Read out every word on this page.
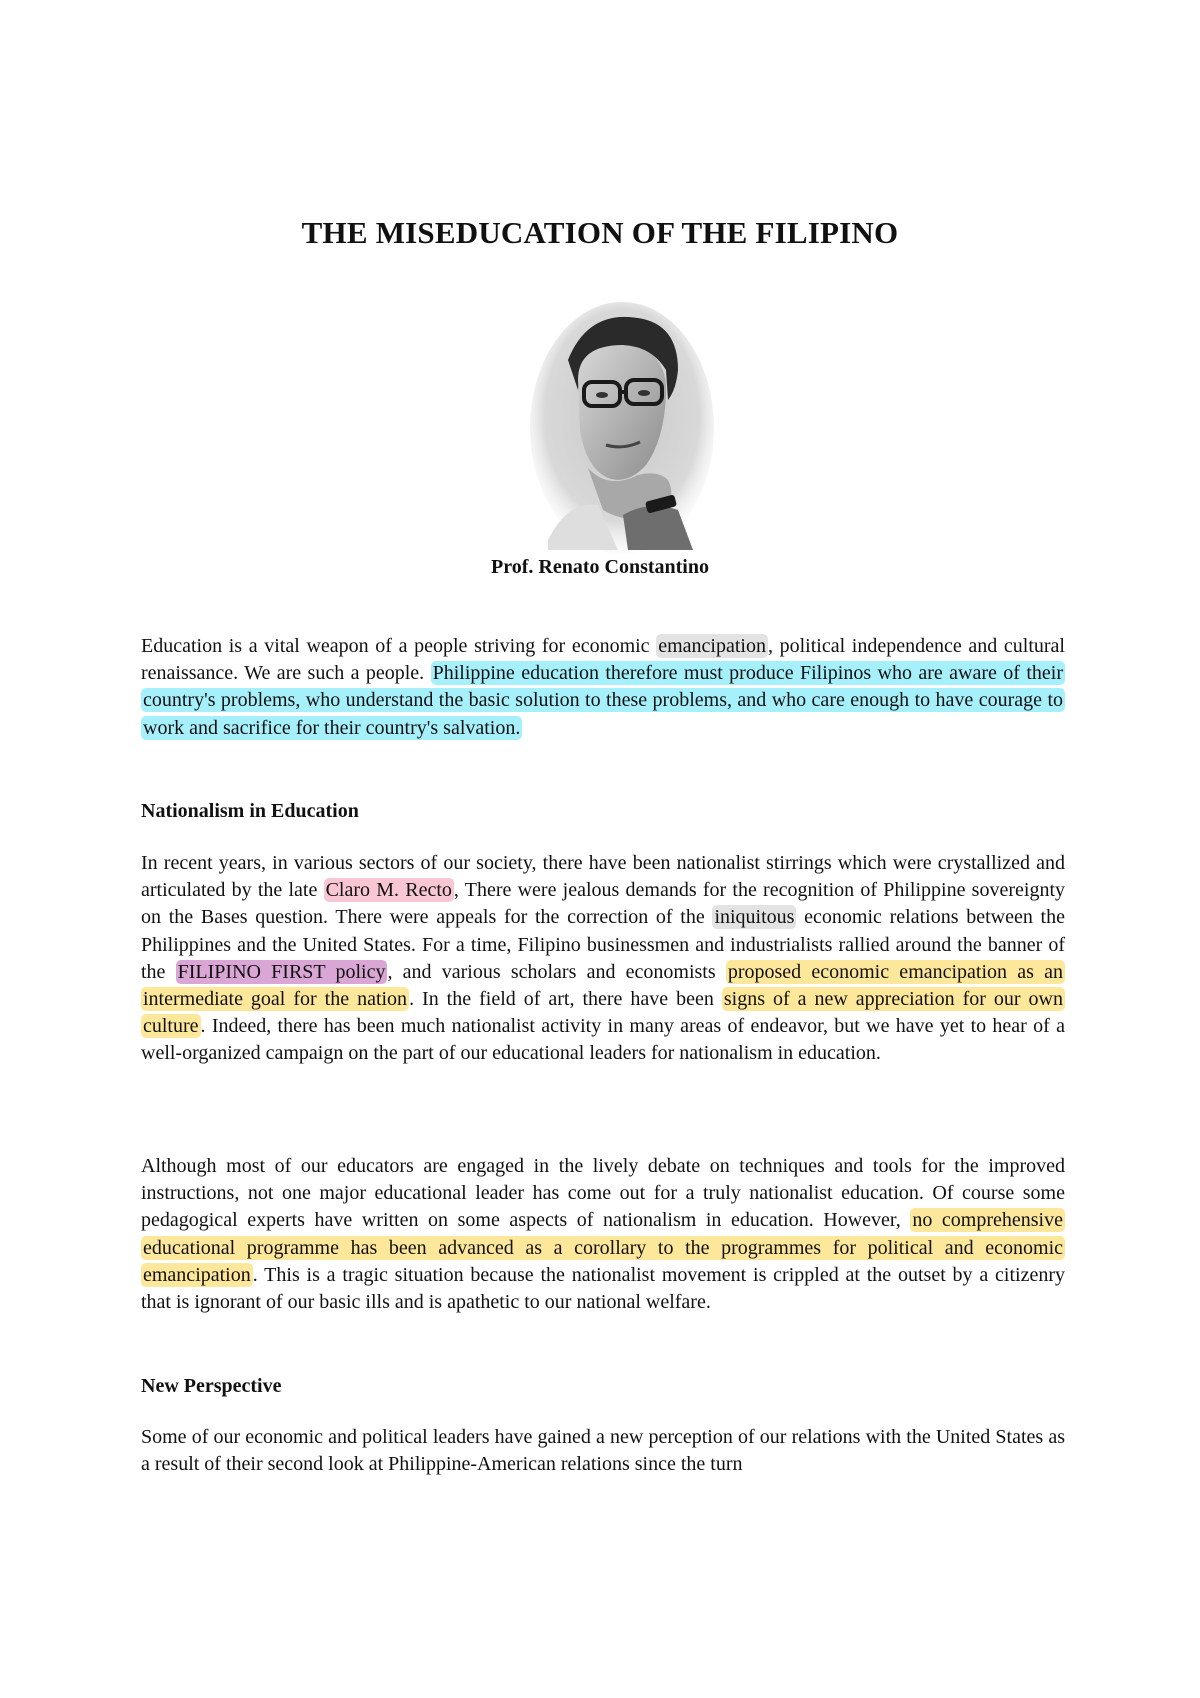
THE MISEDUCATION OF THE FILIPINO

Prof. Renato Constantino

Education is a vital weapon of a people striving for economic emancipation , political independence and cultural renaissance. We are such a people. Philippine education therefore must produce Filipinos who are aware of their country's problems, who understand the basic solution to these problems, and who care enough to have courage to work and sacrifice for their country's salvation.

Nationalism in Education

In recent years, in various sectors of our society, there have been nationalist stirrings which were crystallized and articulated by the late Claro M. Recto , There were jealous demands for the recognition of Philippine sovereignty on the Bases question. There were appeals for the correction of the iniquitous economic relations between the Philippines and the United States. For a time, Filipino businessmen and industrialists rallied around the banner of the FILIPINO FIRST policy , and various scholars and economists proposed economic emancipation as an intermediate goal for the nation . In the field of art, there have been signs of a new appreciation for our own culture . Indeed, there has been much nationalist activity in many areas of endeavor, but we have yet to hear of a well-organized campaign on the part of our educational leaders for nationalism in education.

Although most of our educators are engaged in the lively debate on techniques and tools for the improved instructions, not one major educational leader has come out for a truly nationalist education. Of course some pedagogical experts have written on some aspects of nationalism in education. However, no comprehensive educational programme has been advanced as a corollary to the programmes for political and economic emancipation . This is a tragic situation because the nationalist movement is crippled at the outset by a citizenry that is ignorant of our basic ills and is apathetic to our national welfare.

New Perspective

Some of our economic and political leaders have gained a new perception of our relations with the United States as a result of their second look at Philippine-American relations since the turn
